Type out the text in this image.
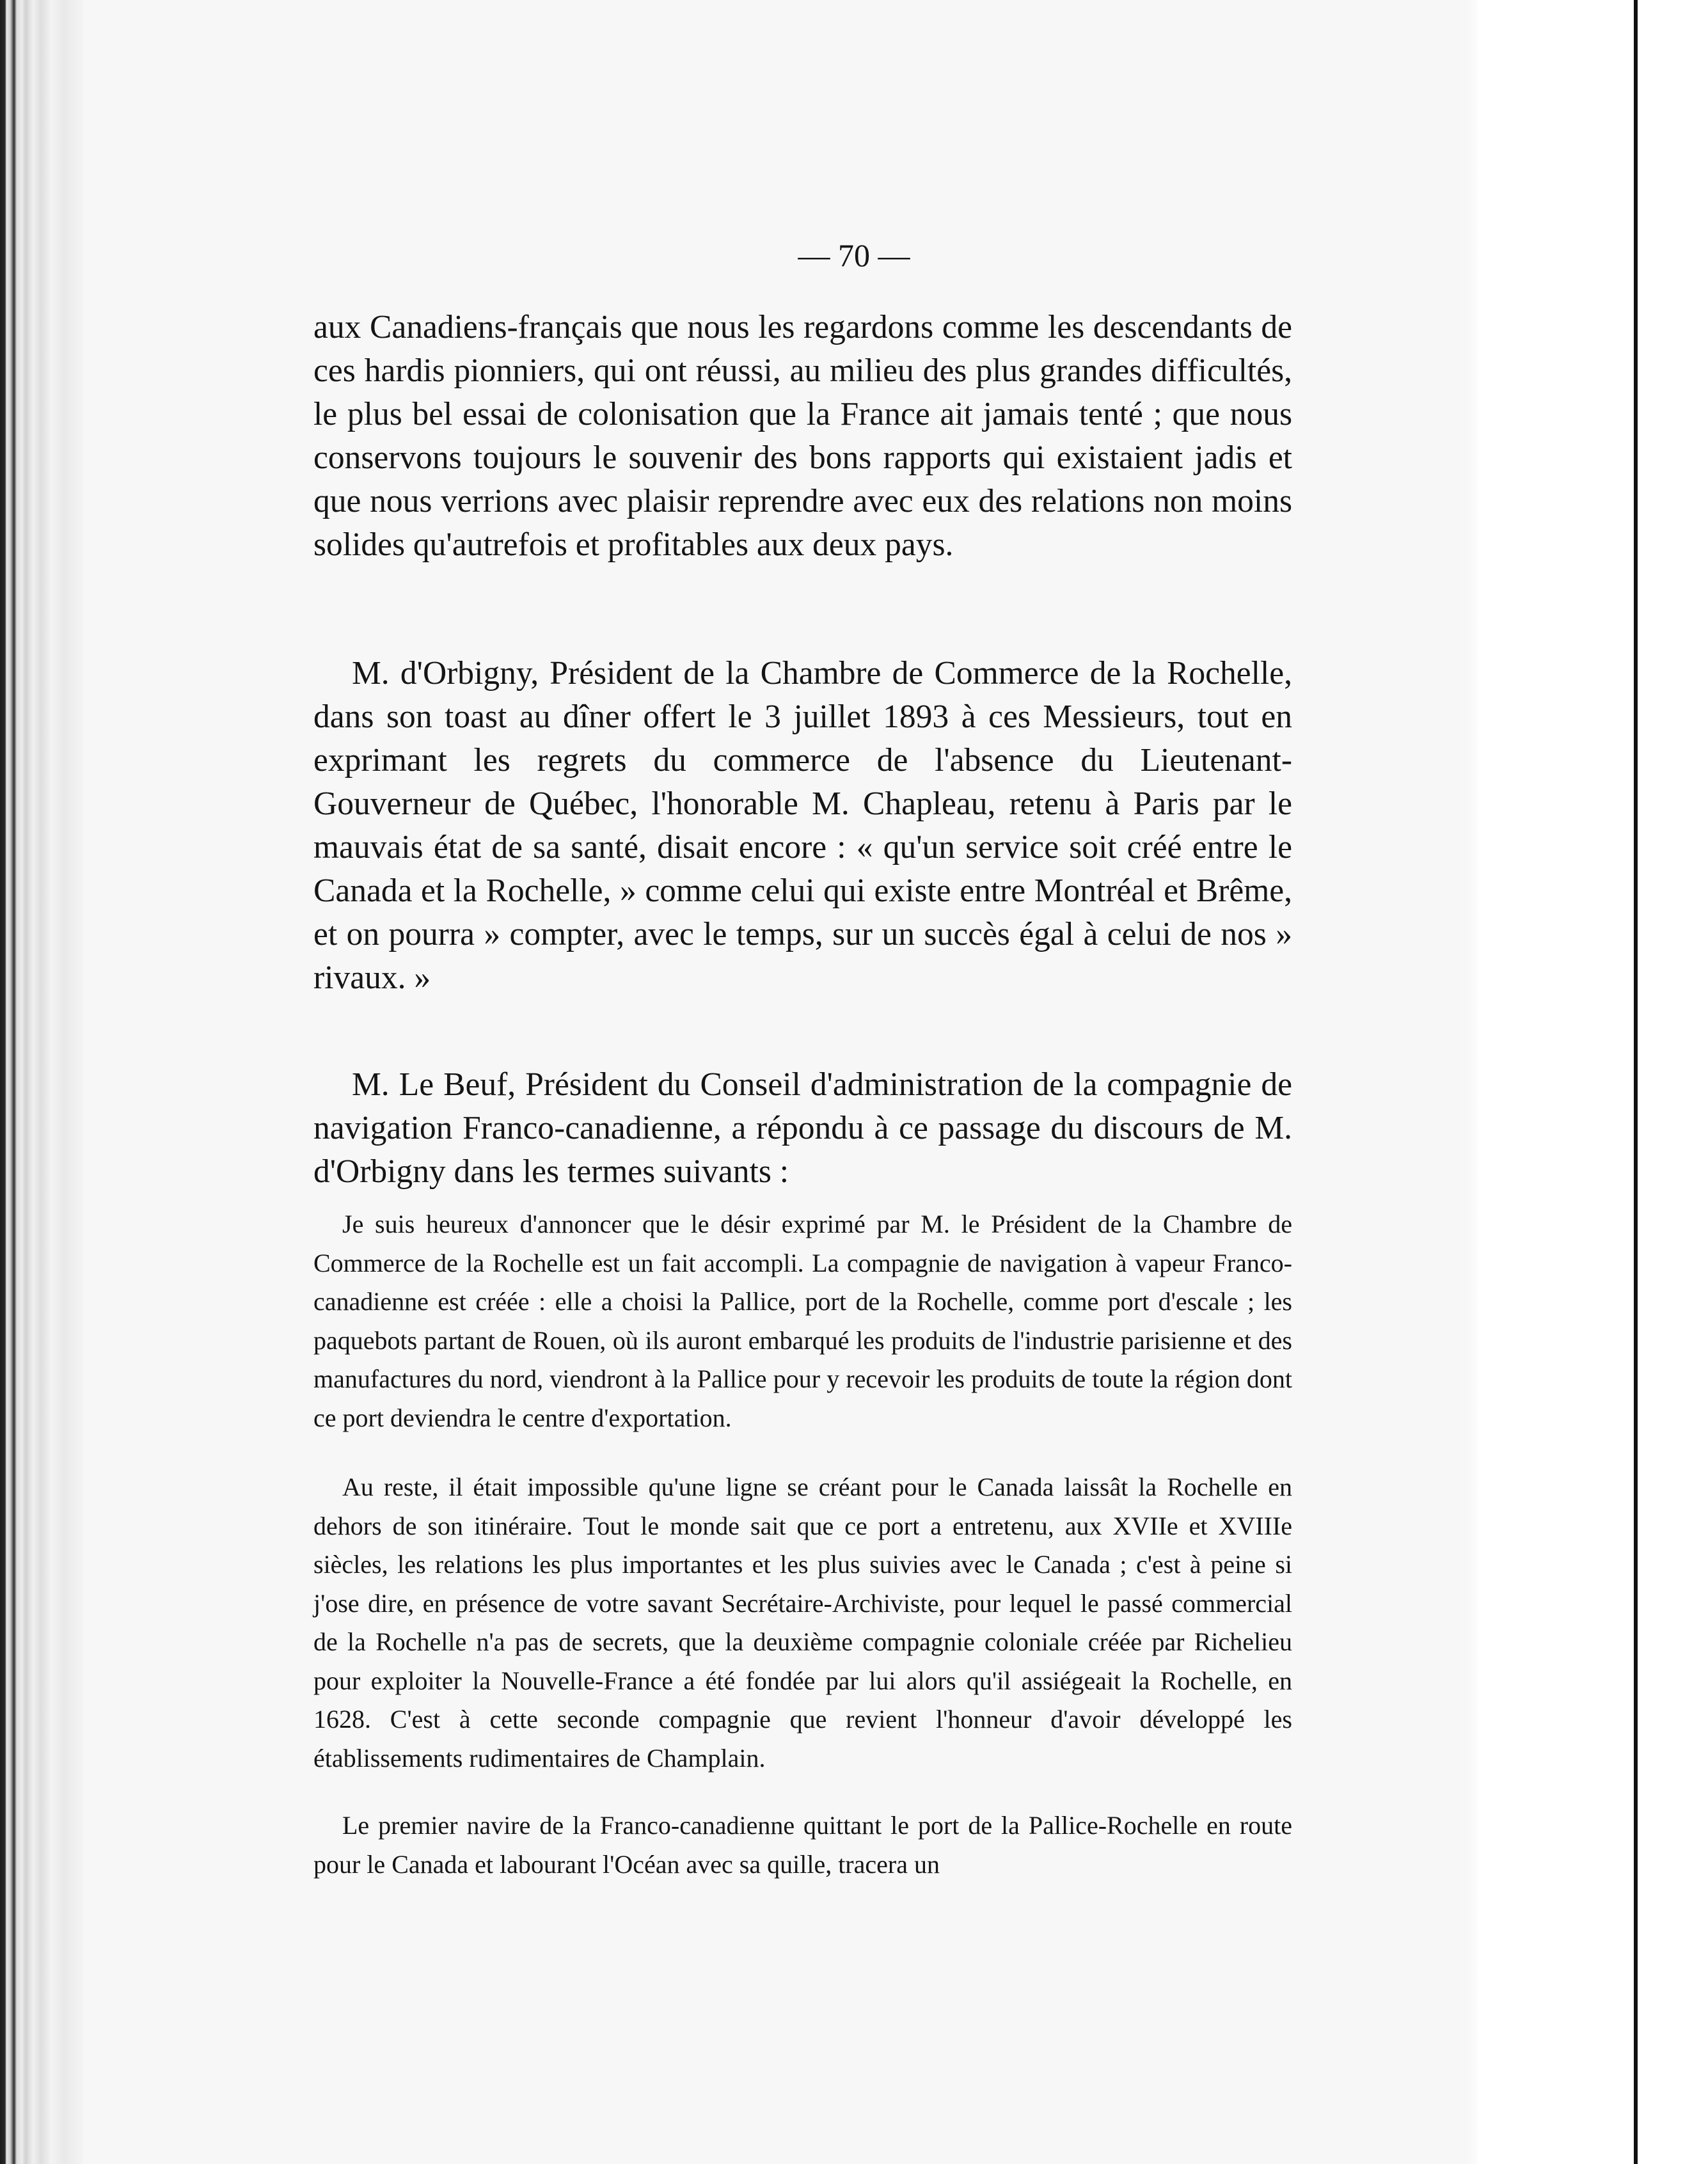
— 70 —

aux Canadiens-français que nous les regardons comme les descendants de ces hardis pionniers, qui ont réussi, au milieu des plus grandes difficultés, le plus bel essai de colonisation que la France ait jamais tenté ; que nous conservons toujours le souvenir des bons rapports qui existaient jadis et que nous verrions avec plaisir reprendre avec eux des relations non moins solides qu'autrefois et profitables aux deux pays.

M. d'Orbigny, Président de la Chambre de Commerce de la Rochelle, dans son toast au dîner offert le 3 juillet 1893 à ces Messieurs, tout en exprimant les regrets du commerce de l'absence du Lieutenant-Gouverneur de Québec, l'honorable M. Chapleau, retenu à Paris par le mauvais état de sa santé, disait encore : « qu'un service soit créé entre le Canada et la Rochelle, » comme celui qui existe entre Montréal et Brême, et on pourra » compter, avec le temps, sur un succès égal à celui de nos » rivaux. »

M. Le Beuf, Président du Conseil d'administration de la compagnie de navigation Franco-canadienne, a répondu à ce passage du discours de M. d'Orbigny dans les termes suivants :

Je suis heureux d'annoncer que le désir exprimé par M. le Président de la Chambre de Commerce de la Rochelle est un fait accompli. La compagnie de navigation à vapeur Franco-canadienne est créée : elle a choisi la Pallice, port de la Rochelle, comme port d'escale ; les paquebots partant de Rouen, où ils auront embarqué les produits de l'industrie parisienne et des manufactures du nord, viendront à la Pallice pour y recevoir les produits de toute la région dont ce port deviendra le centre d'exportation.

Au reste, il était impossible qu'une ligne se créant pour le Canada laissât la Rochelle en dehors de son itinéraire. Tout le monde sait que ce port a entretenu, aux XVIIe et XVIIIe siècles, les relations les plus importantes et les plus suivies avec le Canada ; c'est à peine si j'ose dire, en présence de votre savant Secrétaire-Archiviste, pour lequel le passé commercial de la Rochelle n'a pas de secrets, que la deuxième compagnie coloniale créée par Richelieu pour exploiter la Nouvelle-France a été fondée par lui alors qu'il assiégeait la Rochelle, en 1628. C'est à cette seconde compagnie que revient l'honneur d'avoir développé les établissements rudimentaires de Champlain.

Le premier navire de la Franco-canadienne quittant le port de la Pallice-Rochelle en route pour le Canada et labourant l'Océan avec sa quille, tracera un
